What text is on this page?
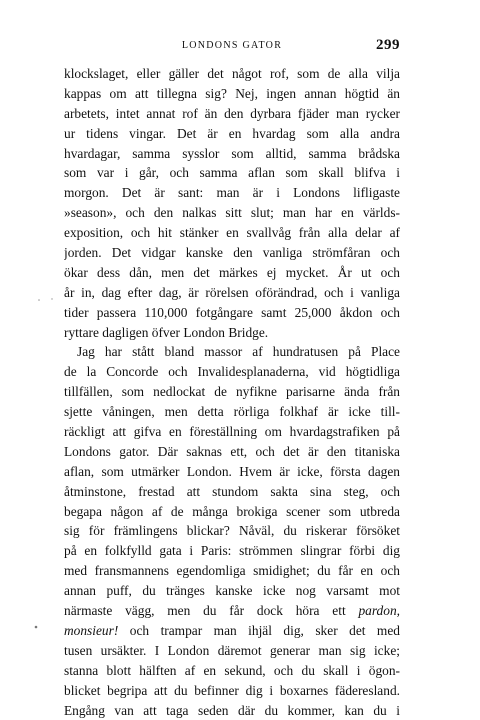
LONDONS GATOR	299
klockslaget, eller gäller det något rof, som de alla vilja
kappas om att tillegna sig? Nej, ingen annan högtid än
arbetets, intet annat rof än den dyrbara fjäder man rycker
ur tidens vingar. Det är en hvardag som alla andra
hvardagar, samma sysslor som alltid, samma brådska
som var i går, och samma aflan som skall blifva i
morgon. Det är sant: man är i Londons lifligaste
»season», och den nalkas sitt slut; man har en världs-
exposition, och hit stänker en svallvåg från alla delar af
jorden. Det vidgar kanske den vanliga strömfåran och
ökar dess dån, men det märkes ej mycket. År ut och
år in, dag efter dag, är rörelsen oförändrad, och i vanliga
tider passera 110,000 fotgångare samt 25,000 åkdon och
ryttare dagligen öfver London Bridge.
Jag har stått bland massor af hundratusen på Place
de la Concorde och Invalidesplanaderna, vid högtidliga
tillfällen, som nedlockat de nyfikne parisarne ända från
sjette våningen, men detta rörliga folkhaf är icke till-
räckligt att gifva en föreställning om hvardagstrafiken på
Londons gator. Där saknas ett, och det är den titaniska
aflan, som utmärker London. Hvem är icke, första dagen
åtminstone, frestad att stundom sakta sina steg, och
begapa någon af de många brokiga scener som utbreda
sig för främlingens blickar? Nåväl, du riskerar försöket
på en folkfylld gata i Paris: strömmen slingrar förbi dig
med fransmannens egendomliga smidighet; du får en och
annan puff, du tränges kanske icke nog varsamt mot
närmaste vägg, men du får dock höra ett pardon,
monsieur! och trampar man ihjäl dig, sker det med
tusen ursäkter. I London däremot generar man sig icke;
stanna blott hälften af en sekund, och du skall i ögon-
blicket begripa att du befinner dig i boxarnes fäderesland.
Engång van att taga seden där du kommer, kan du i
